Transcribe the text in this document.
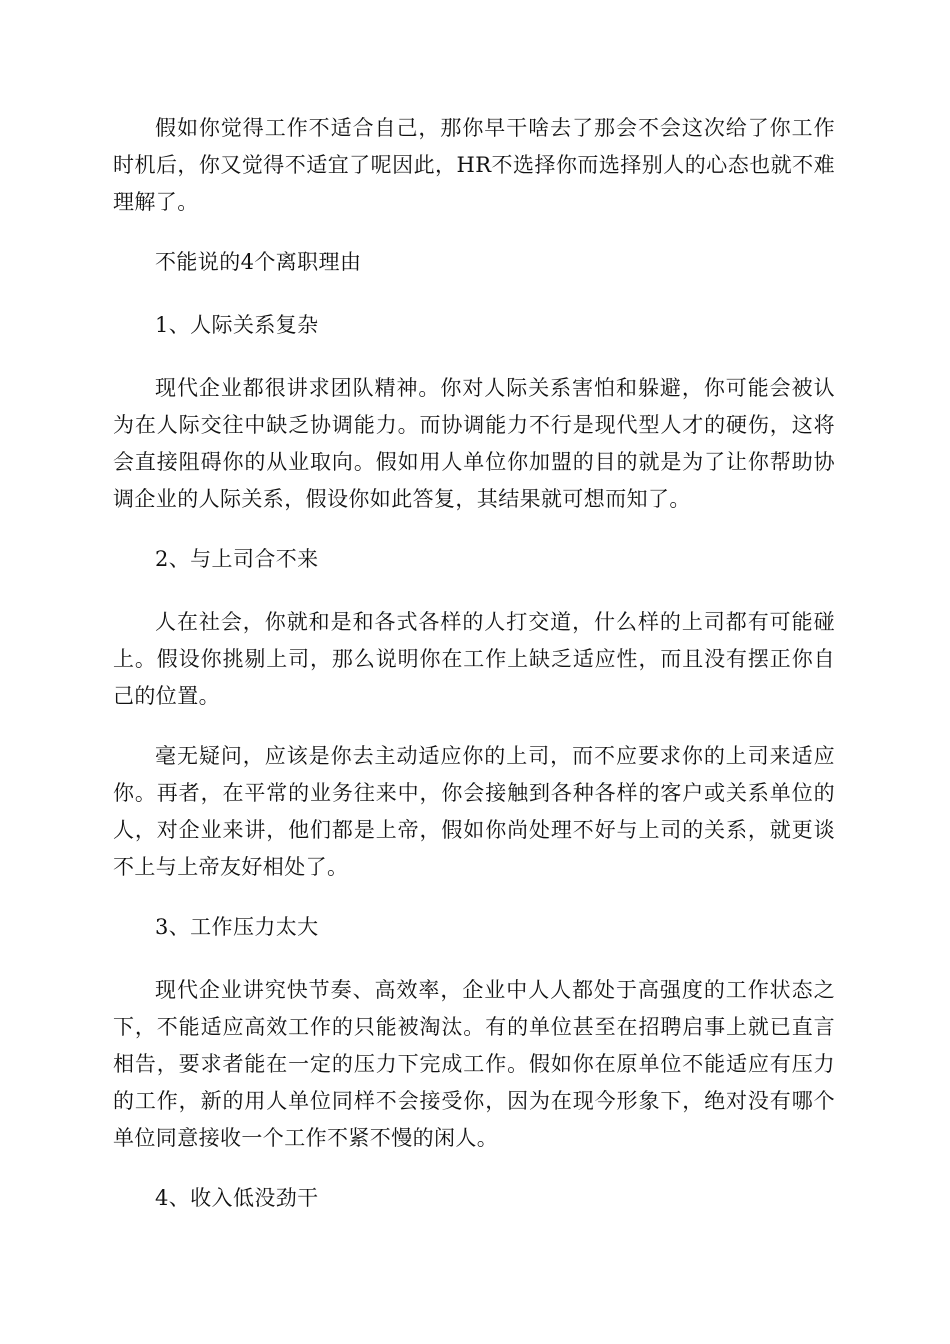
假如你觉得工作不适合自己，那你早干啥去了那会不会这次给了你工作时机后，你又觉得不适宜了呢因此，HR不选择你而选择别人的心态也就不难理解了。

不能说的4个离职理由

1、人际关系复杂

现代企业都很讲求团队精神。你对人际关系害怕和躲避，你可能会被认为在人际交往中缺乏协调能力。而协调能力不行是现代型人才的硬伤，这将会直接阻碍你的从业取向。假如用人单位你加盟的目的就是为了让你帮助协调企业的人际关系，假设你如此答复，其结果就可想而知了。

2、与上司合不来

人在社会，你就和是和各式各样的人打交道，什么样的上司都有可能碰上。假设你挑剔上司，那么说明你在工作上缺乏适应性，而且没有摆正你自己的位置。

毫无疑问，应该是你去主动适应你的上司，而不应要求你的上司来适应你。再者，在平常的业务往来中，你会接触到各种各样的客户或关系单位的人，对企业来讲，他们都是上帝，假如你尚处理不好与上司的关系，就更谈不上与上帝友好相处了。

3、工作压力太大

现代企业讲究快节奏、高效率，企业中人人都处于高强度的工作状态之下，不能适应高效工作的只能被淘汰。有的单位甚至在招聘启事上就已直言相告，要求者能在一定的压力下完成工作。假如你在原单位不能适应有压力的工作，新的用人单位同样不会接受你，因为在现今形象下，绝对没有哪个单位同意接收一个工作不紧不慢的闲人。

4、收入低没劲干
